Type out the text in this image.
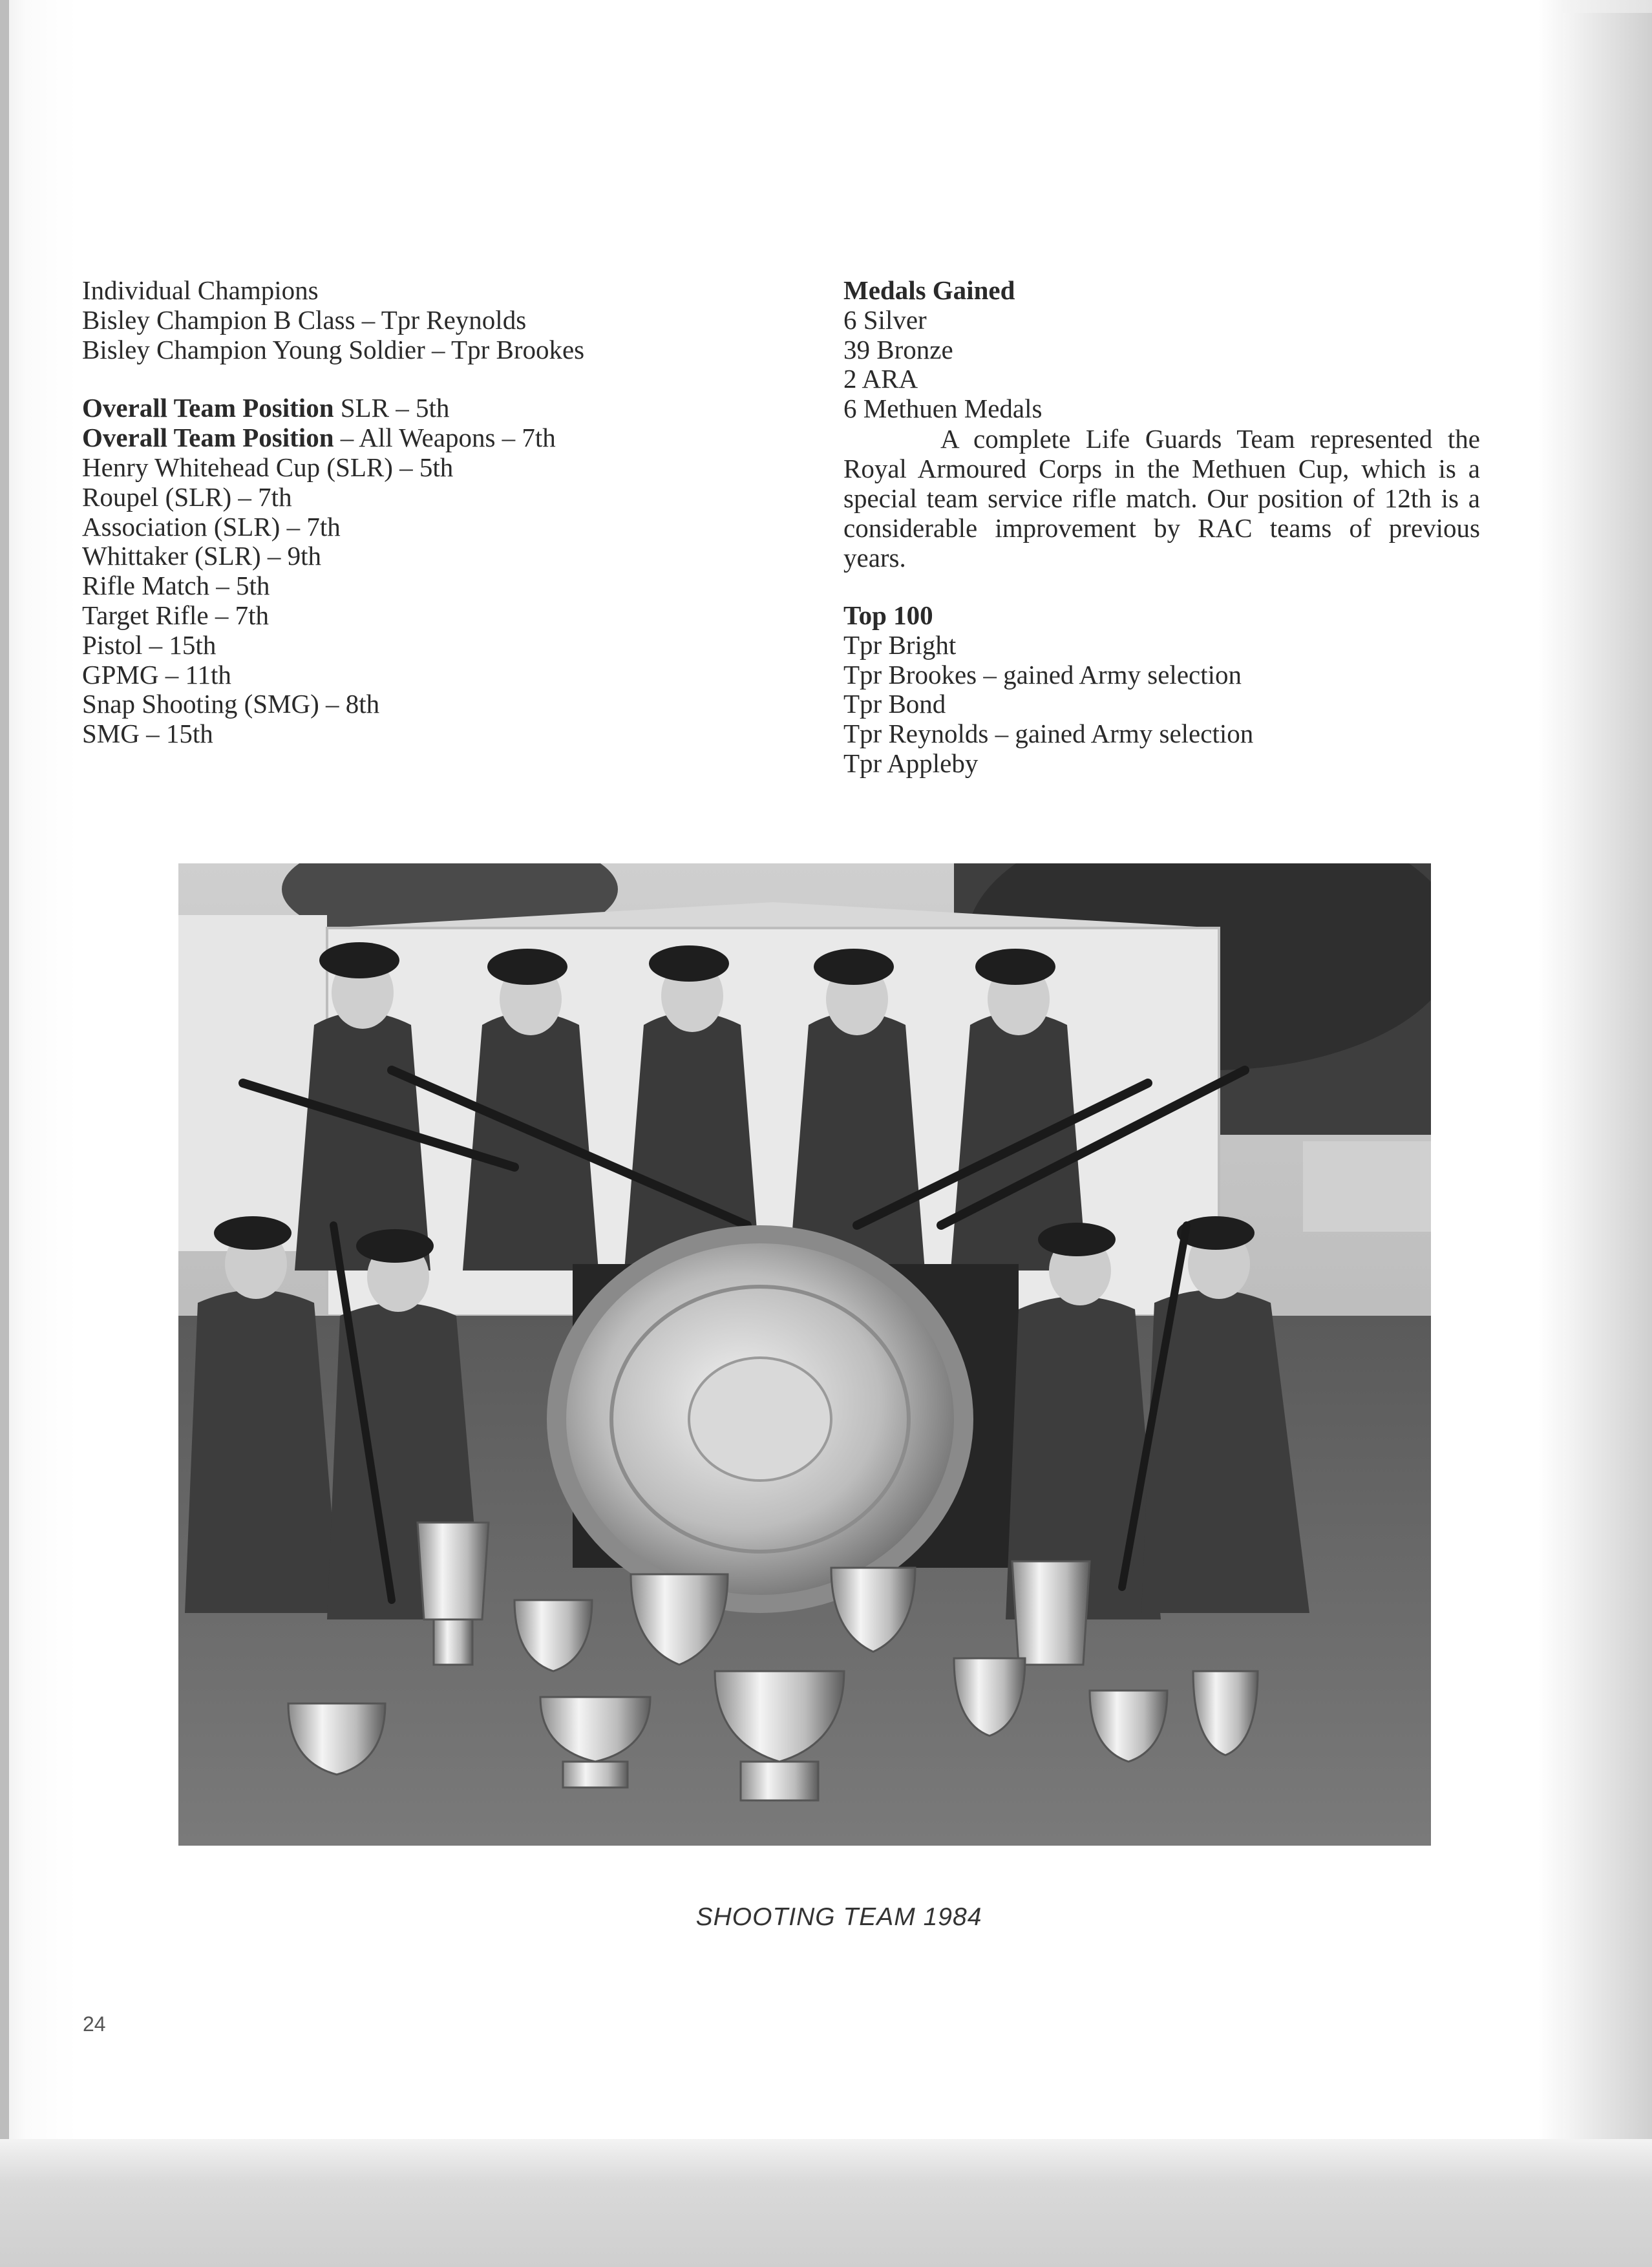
Individual Champions
Bisley Champion B Class – Tpr Reynolds
Bisley Champion Young Soldier – Tpr Brookes
Overall Team Position SLR – 5th
Overall Team Position – All Weapons – 7th
Henry Whitehead Cup (SLR) – 5th
Roupel (SLR) – 7th
Association (SLR) – 7th
Whittaker (SLR) – 9th
Rifle Match – 5th
Target Rifle – 7th
Pistol – 15th
GPMG – 11th
Snap Shooting (SMG) – 8th
SMG – 15th
Medals Gained
6 Silver
39 Bronze
2 ARA
6 Methuen Medals

A complete Life Guards Team represented the Royal Armoured Corps in the Methuen Cup, which is a special team service rifle match. Our position of 12th is a considerable improvement by RAC teams of previous years.

Top 100
Tpr Bright
Tpr Brookes – gained Army selection
Tpr Bond
Tpr Reynolds – gained Army selection
Tpr Appleby
SHOOTING TEAM 1984
24
